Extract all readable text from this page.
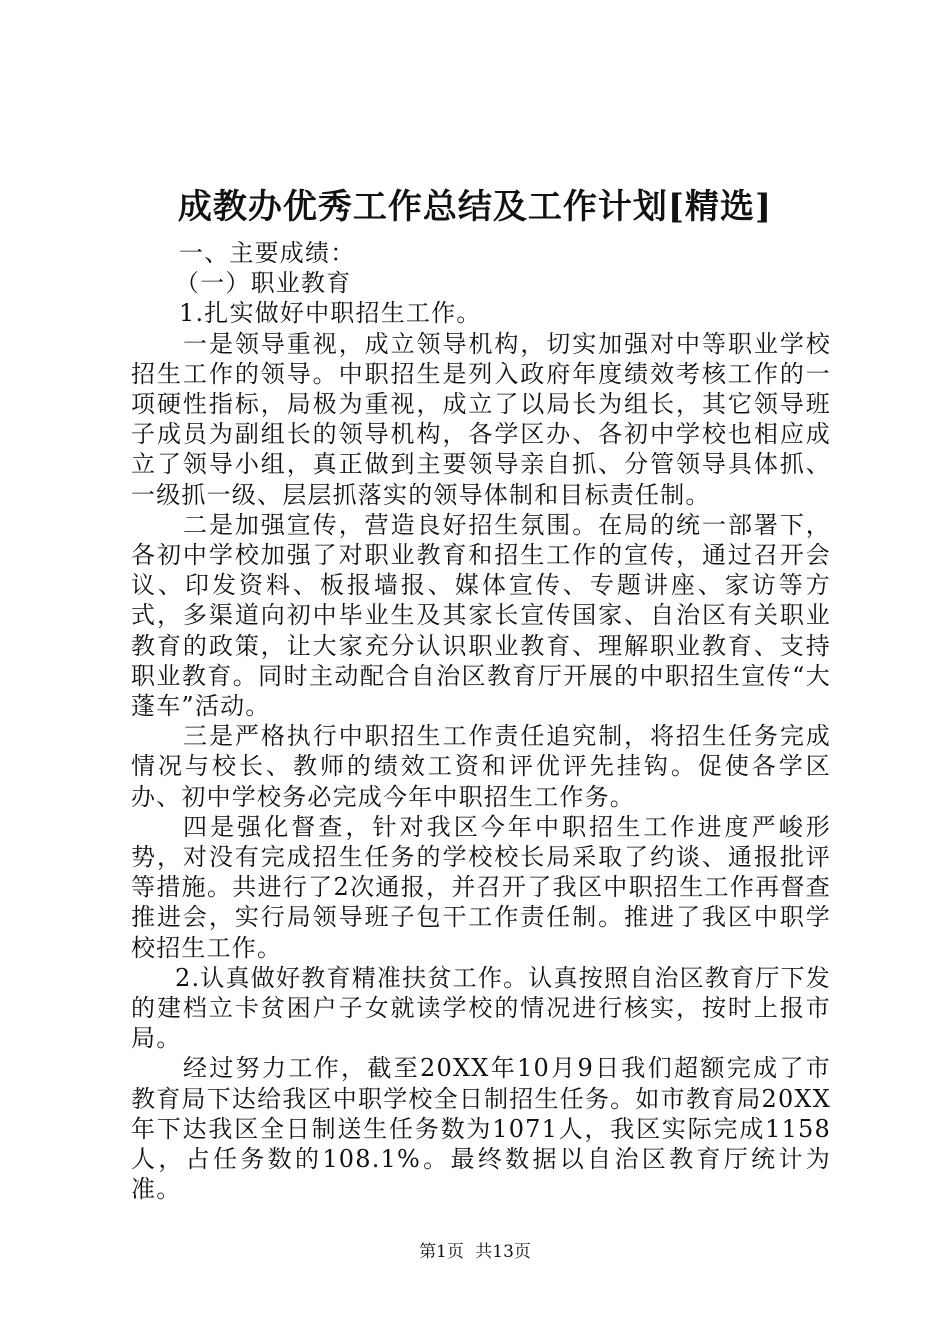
成教办优秀工作总结及工作计划[精选]

一、主要成绩：

（一）职业教育

1.扎实做好中职招生工作。

一是领导重视，成立领导机构，切实加强对中等职业学校招生工作的领导。中职招生是列入政府年度绩效考核工作的一项硬性指标，局极为重视，成立了以局长为组长，其它领导班子成员为副组长的领导机构，各学区办、各初中学校也相应成立了领导小组，真正做到主要领导亲自抓、分管领导具体抓、一级抓一级、层层抓落实的领导体制和目标责任制。

二是加强宣传，营造良好招生氛围。在局的统一部署下，各初中学校加强了对职业教育和招生工作的宣传，通过召开会议、印发资料、板报墙报、媒体宣传、专题讲座、家访等方式，多渠道向初中毕业生及其家长宣传国家、自治区有关职业教育的政策，让大家充分认识职业教育、理解职业教育、支持职业教育。同时主动配合自治区教育厅开展的中职招生宣传“大蓬车”活动。

三是严格执行中职招生工作责任追究制，将招生任务完成情况与校长、教师的绩效工资和评优评先挂钩。促使各学区办、初中学校务必完成今年中职招生工作务。

四是强化督查，针对我区今年中职招生工作进度严峻形势，对没有完成招生任务的学校校长局采取了约谈、通报批评等措施。共进行了2次通报，并召开了我区中职招生工作再督查推进会，实行局领导班子包干工作责任制。推进了我区中职学校招生工作。

2.认真做好教育精准扶贫工作。认真按照自治区教育厅下发的建档立卡贫困户子女就读学校的情况进行核实，按时上报市局。

经过努力工作，截至20XX年10月9日我们超额完成了市教育局下达给我区中职学校全日制招生任务。如市教育局20XX年下达我区全日制送生任务数为1071人，我区实际完成1158人，占任务数的108.1%。最终数据以自治区教育厅统计为准。

第1页 共13页
